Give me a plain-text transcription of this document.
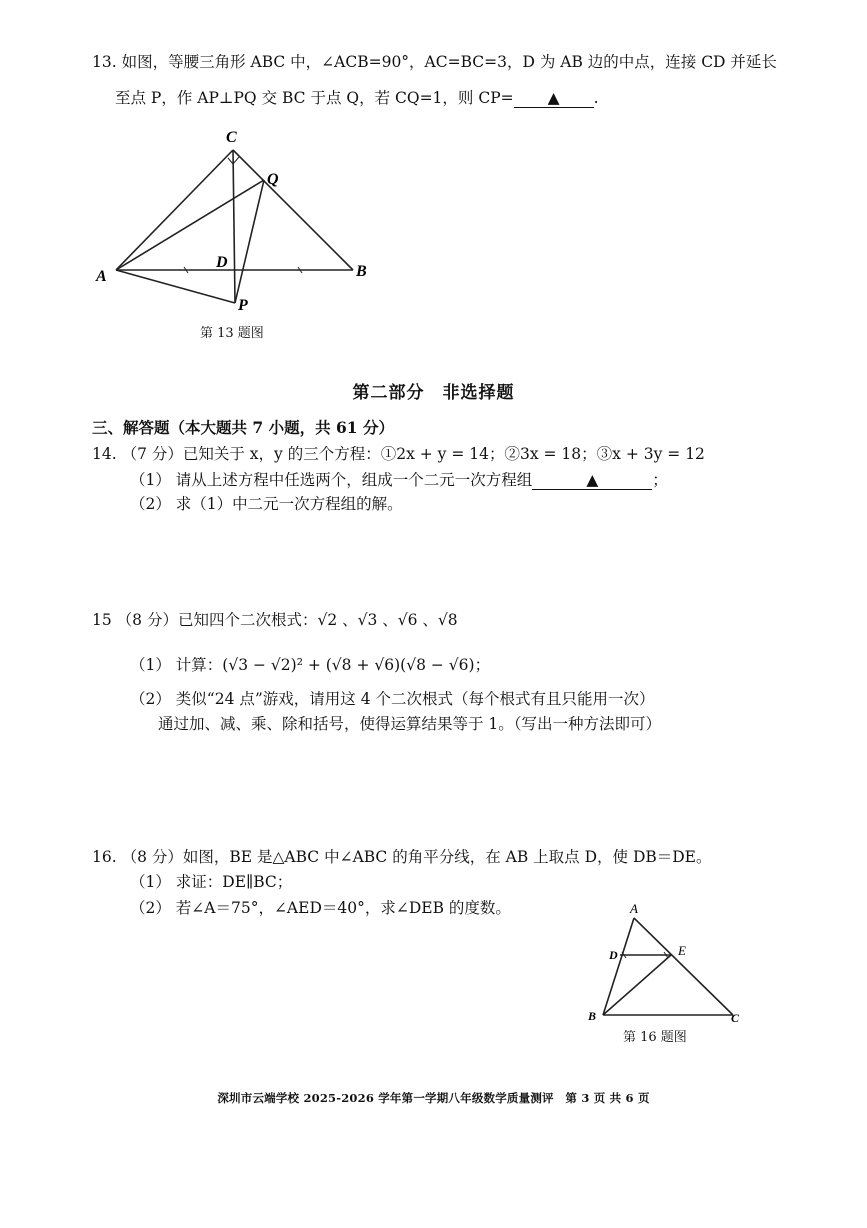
13. 如图，等腰三角形 ABC 中，∠ACB=90°，AC=BC=3，D 为 AB 边的中点，连接 CD 并延长
至点 P，作 AP⊥PQ 交 BC 于点 Q，若 CQ=1，则 CP= ▲ .
C
Q
A
D
B
P
第 13 题图
第二部分　非选择题
三、解答题（本大题共 7 小题，共 61 分）
14. （7 分）已知关于 x，y 的三个方程：①2x + y = 14；②3x = 18；③x + 3y = 12
（1） 请从上述方程中任选两个，组成一个二元一次方程组	▲	；
（2） 求（1）中二元一次方程组的解。
15 （8 分）已知四个二次根式：√2 、√3 、√6 、√8
（1） 计算：(√3 − √2)² + (√8 + √6)(√8 − √6)；
（2） 类似“24 点”游戏，请用这 4 个二次根式（每个根式有且只能用一次）
通过加、减、乘、除和括号，使得运算结果等于 1。（写出一种方法即可）
16. （8 分）如图，BE 是△ABC 中∠ABC 的角平分线，在 AB 上取点 D，使 DB＝DE。
（1） 求证：DE∥BC；
（2） 若∠A＝75°，∠AED＝40°，求∠DEB 的度数。	A
D	E
B	C
第 16 题图
深圳市云端学校 2025-2026 学年第一学期八年级数学质量测评　第 3 页 共 6 页
